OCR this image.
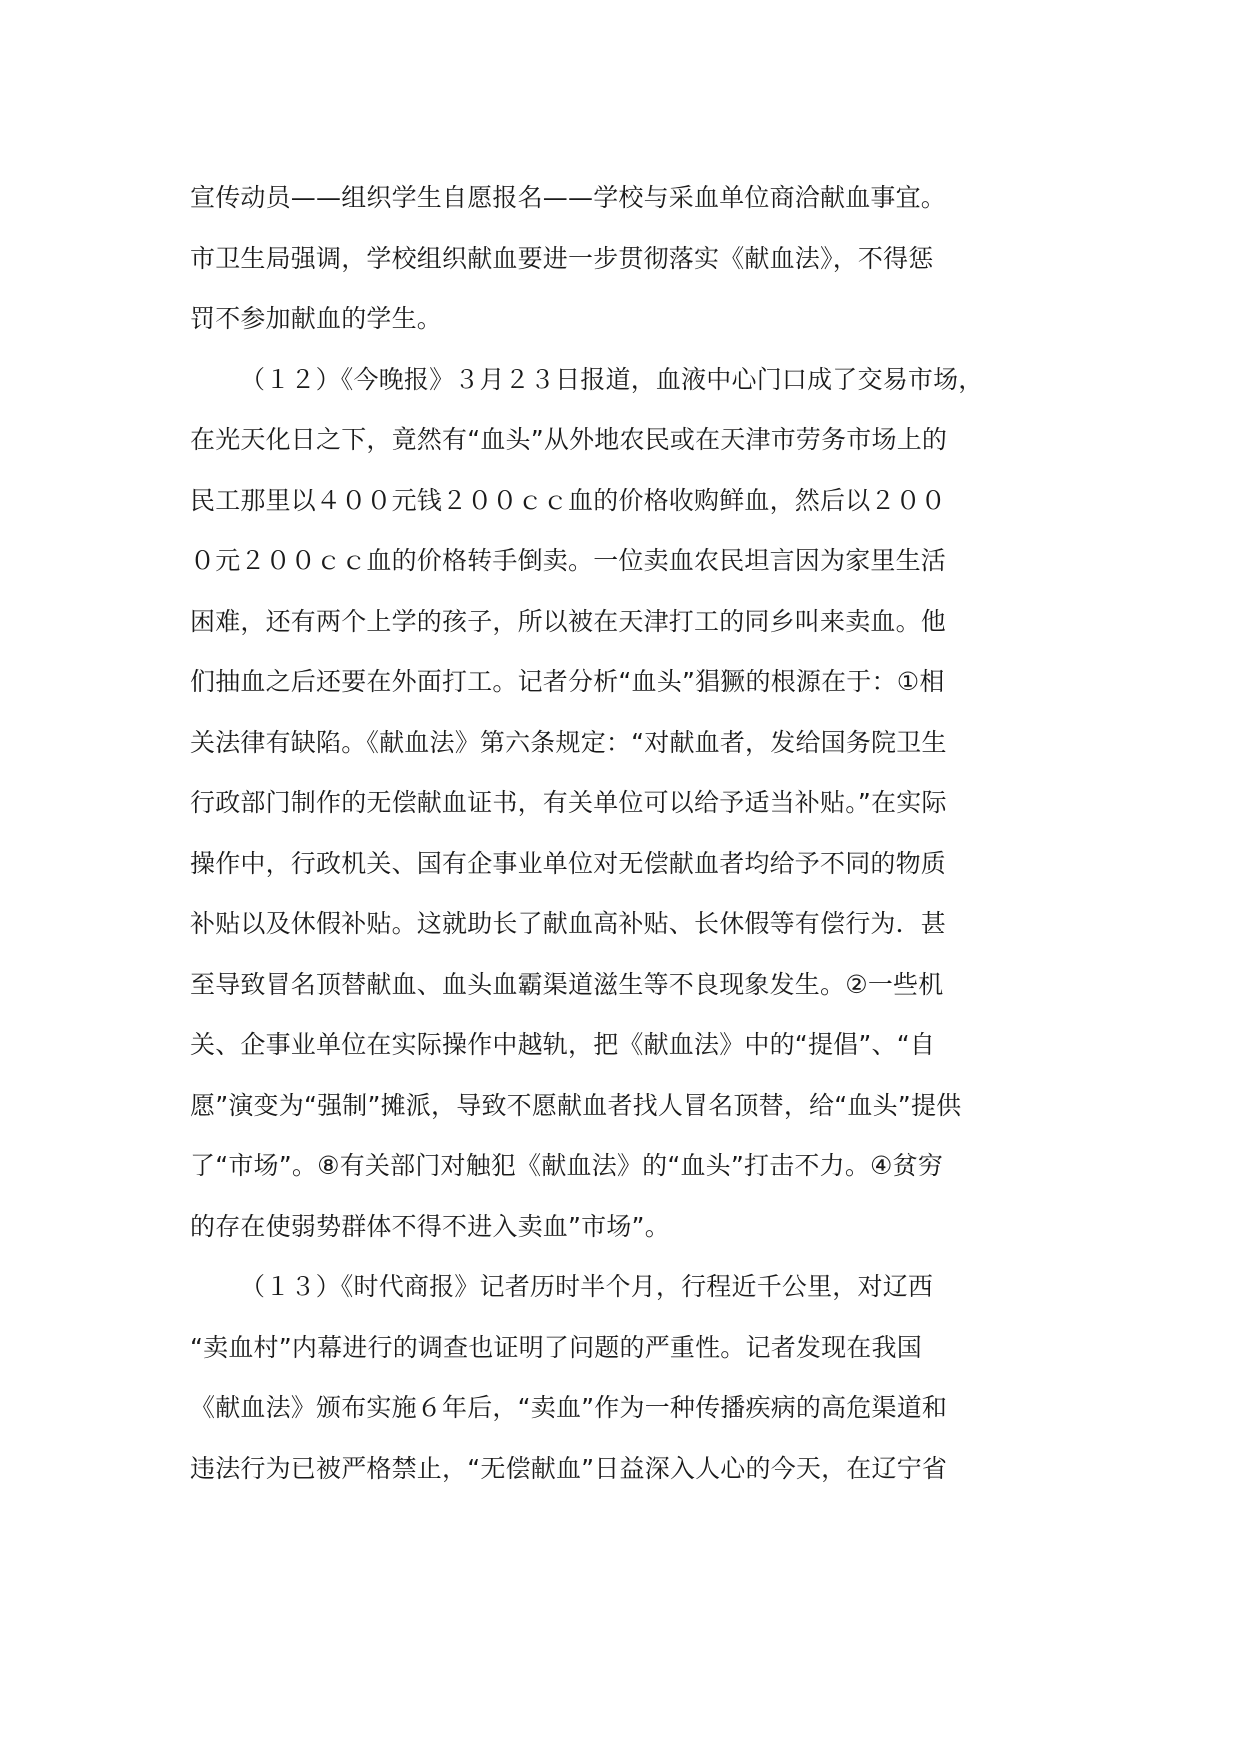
宣传动员——组织学生自愿报名——学校与采血单位商洽献血事宜。
市卫生局强调，学校组织献血要进一步贯彻落实《献血法》，不得惩
罚不参加献血的学生。
（１２）《今晚报》３月２３日报道，血液中心门口成了交易市场，
在光天化日之下，竟然有“血头”从外地农民或在天津市劳务市场上的
民工那里以４００元钱２００ｃｃ血的价格收购鲜血，然后以２００
０元２００ｃｃ血的价格转手倒卖。一位卖血农民坦言因为家里生活
困难，还有两个上学的孩子，所以被在天津打工的同乡叫来卖血。他
们抽血之后还要在外面打工。记者分析“血头”猖獗的根源在于：①相
关法律有缺陷。《献血法》第六条规定：“对献血者，发给国务院卫生
行政部门制作的无偿献血证书，有关单位可以给予适当补贴。”在实际
操作中，行政机关、国有企事业单位对无偿献血者均给予不同的物质
补贴以及休假补贴。这就助长了献血高补贴、长休假等有偿行为．甚
至导致冒名顶替献血、血头血霸渠道滋生等不良现象发生。②一些机
关、企事业单位在实际操作中越轨，把《献血法》中的“提倡”、“自
愿”演变为“强制”摊派，导致不愿献血者找人冒名顶替，给“血头”提供
了“市场”。⑧有关部门对触犯《献血法》的“血头”打击不力。④贫穷
的存在使弱势群体不得不进入卖血”市场”。
（１３）《时代商报》记者历时半个月，行程近千公里，对辽西
“卖血村”内幕进行的调查也证明了问题的严重性。记者发现在我国
《献血法》颁布实施６年后，“卖血”作为一种传播疾病的高危渠道和
违法行为已被严格禁止，“无偿献血”日益深入人心的今天，在辽宁省
